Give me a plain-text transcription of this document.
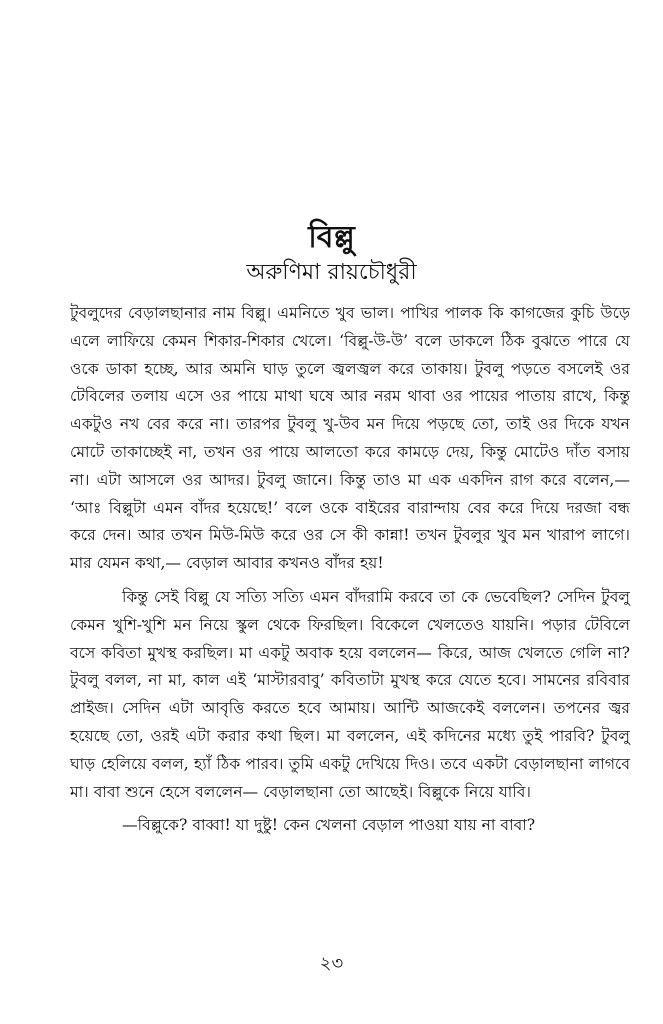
বিল্লু
অরুণিমা রায়চৌধুরী

টুবলুদের বেড়ালছানার নাম বিল্লু। এমনিতে খুব ভাল। পাখির পালক কি কাগজের কুচি উড়ে এলে লাফিয়ে কেমন শিকার-শিকার খেলে। ‘বিল্লু-উ-উ’ বলে ডাকলে ঠিক বুঝতে পারে যে ওকে ডাকা হচ্ছে, আর অমনি ঘাড় তুলে জ্বলজ্বল করে তাকায়। টুবলু পড়তে বসলেই ওর টেবিলের তলায় এসে ওর পায়ে মাথা ঘষে আর নরম থাবা ওর পায়ের পাতায় রাখে, কিন্তু একটুও নখ বের করে না। তারপর টুবলু খু-উব মন দিয়ে পড়ছে তো, তাই ওর দিকে যখন মোটে তাকাচ্ছেই না, তখন ওর পায়ে আলতো করে কামড়ে দেয়, কিন্তু মোটেও দাঁত বসায় না। এটা আসলে ওর আদর। টুবলু জানে। কিন্তু তাও মা এক একদিন রাগ করে বলেন,— ‘আঃ বিল্লুটা এমন বাঁদর হয়েছে!’ বলে ওকে বাইরের বারান্দায় বের করে দিয়ে দরজা বন্ধ করে দেন। আর তখন মিউ-মিউ করে ওর সে কী কান্না! তখন টুবলুর খুব মন খারাপ লাগে। মার যেমন কথা,— বেড়াল আবার কখনও বাঁদর হয়!

কিন্তু সেই বিল্লু যে সত্যি সত্যি এমন বাঁদরামি করবে তা কে ভেবেছিল? সেদিন টুবলু কেমন খুশি-খুশি মন নিয়ে স্কুল থেকে ফিরছিল। বিকেলে খেলতেও যায়নি। পড়ার টেবিলে বসে কবিতা মুখস্থ করছিল। মা একটু অবাক হয়ে বললেন— কিরে, আজ খেলতে গেলি না? টুবলু বলল, না মা, কাল এই ‘মাস্টারবাবু’ কবিতাটা মুখস্থ করে যেতে হবে। সামনের রবিবার প্রাইজ। সেদিন এটা আবৃত্তি করতে হবে আমায়। আন্টি আজকেই বললেন। তপনের জ্বর হয়েছে তো, ওরই এটা করার কথা ছিল। মা বললেন, এই কদিনের মধ্যে তুই পারবি? টুবলু ঘাড় হেলিয়ে বলল, হ্যাঁ ঠিক পারব। তুমি একটু দেখিয়ে দিও। তবে একটা বেড়ালছানা লাগবে মা। বাবা শুনে হেসে বললেন— বেড়ালছানা তো আছেই। বিল্লুকে নিয়ে যাবি।

—বিল্লুকে? বাব্বা! যা দুষ্টু! কেন খেলনা বেড়াল পাওয়া যায় না বাবা?

২৩
